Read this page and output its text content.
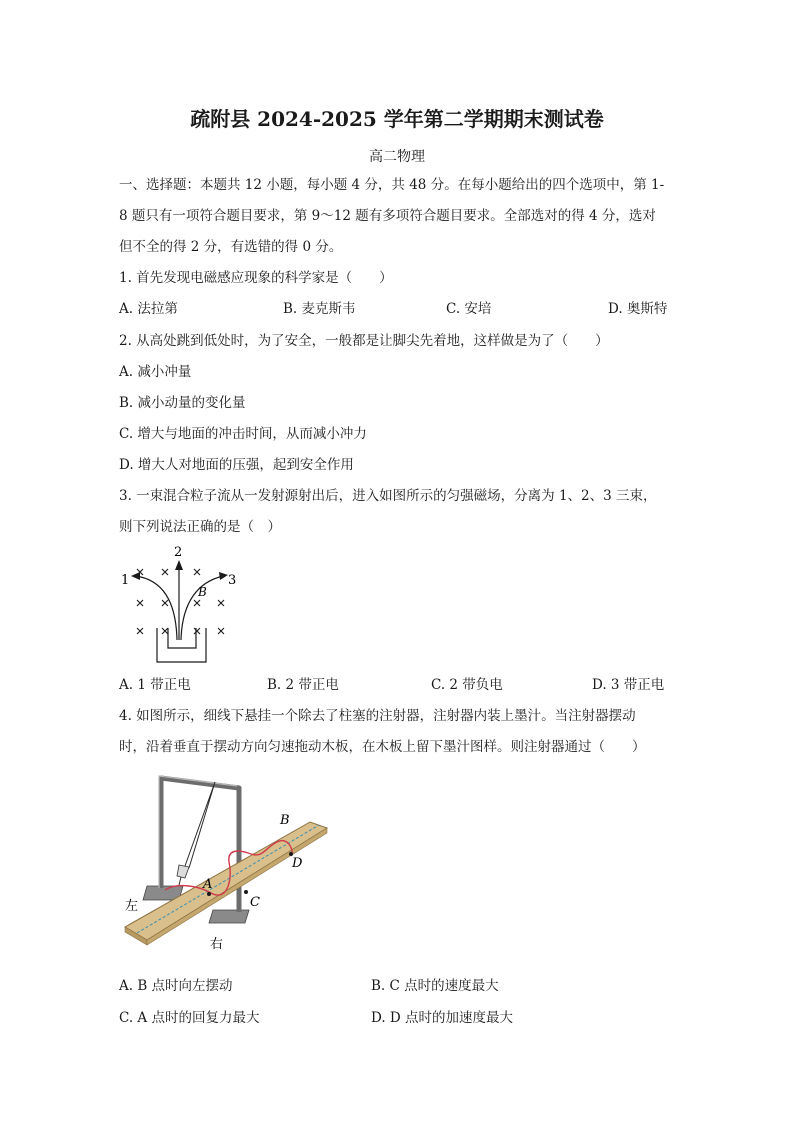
疏附县 2024-2025 学年第二学期期末测试卷
高二物理
一、选择题：本题共 12 小题，每小题 4 分，共 48 分。在每小题给出的四个选项中，第 1-
8 题只有一项符合题目要求，第 9～12 题有多项符合题目要求。全部选对的得 4 分，选对
但不全的得 2 分，有选错的得 0 分。
1. 首先发现电磁感应现象的科学家是（　　）
A. 法拉第	B. 麦克斯韦	C. 安培	D. 奥斯特
2. 从高处跳到低处时，为了安全，一般都是让脚尖先着地，这样做是为了（　　）
A. 减小冲量
B. 减小动量的变化量
C. 增大与地面的冲击时间，从而减小冲力
D. 增大人对地面的压强，起到安全作用
3. 一束混合粒子流从一发射源射出后，进入如图所示的匀强磁场，分离为 1、2、3 三束，
则下列说法正确的是（　）
1
2
3
B
A. 1 带正电	B. 2 带正电	C. 2 带负电	D. 3 带正电
4. 如图所示，细线下悬挂一个除去了柱塞的注射器，注射器内装上墨汁。当注射器摆动
时，沿着垂直于摆动方向匀速拖动木板，在木板上留下墨汁图样。则注射器通过（　　）
A
B
C
D
左
右
A. B 点时向左摆动	B. C 点时的速度最大
C. A 点时的回复力最大	D. D 点时的加速度最大
